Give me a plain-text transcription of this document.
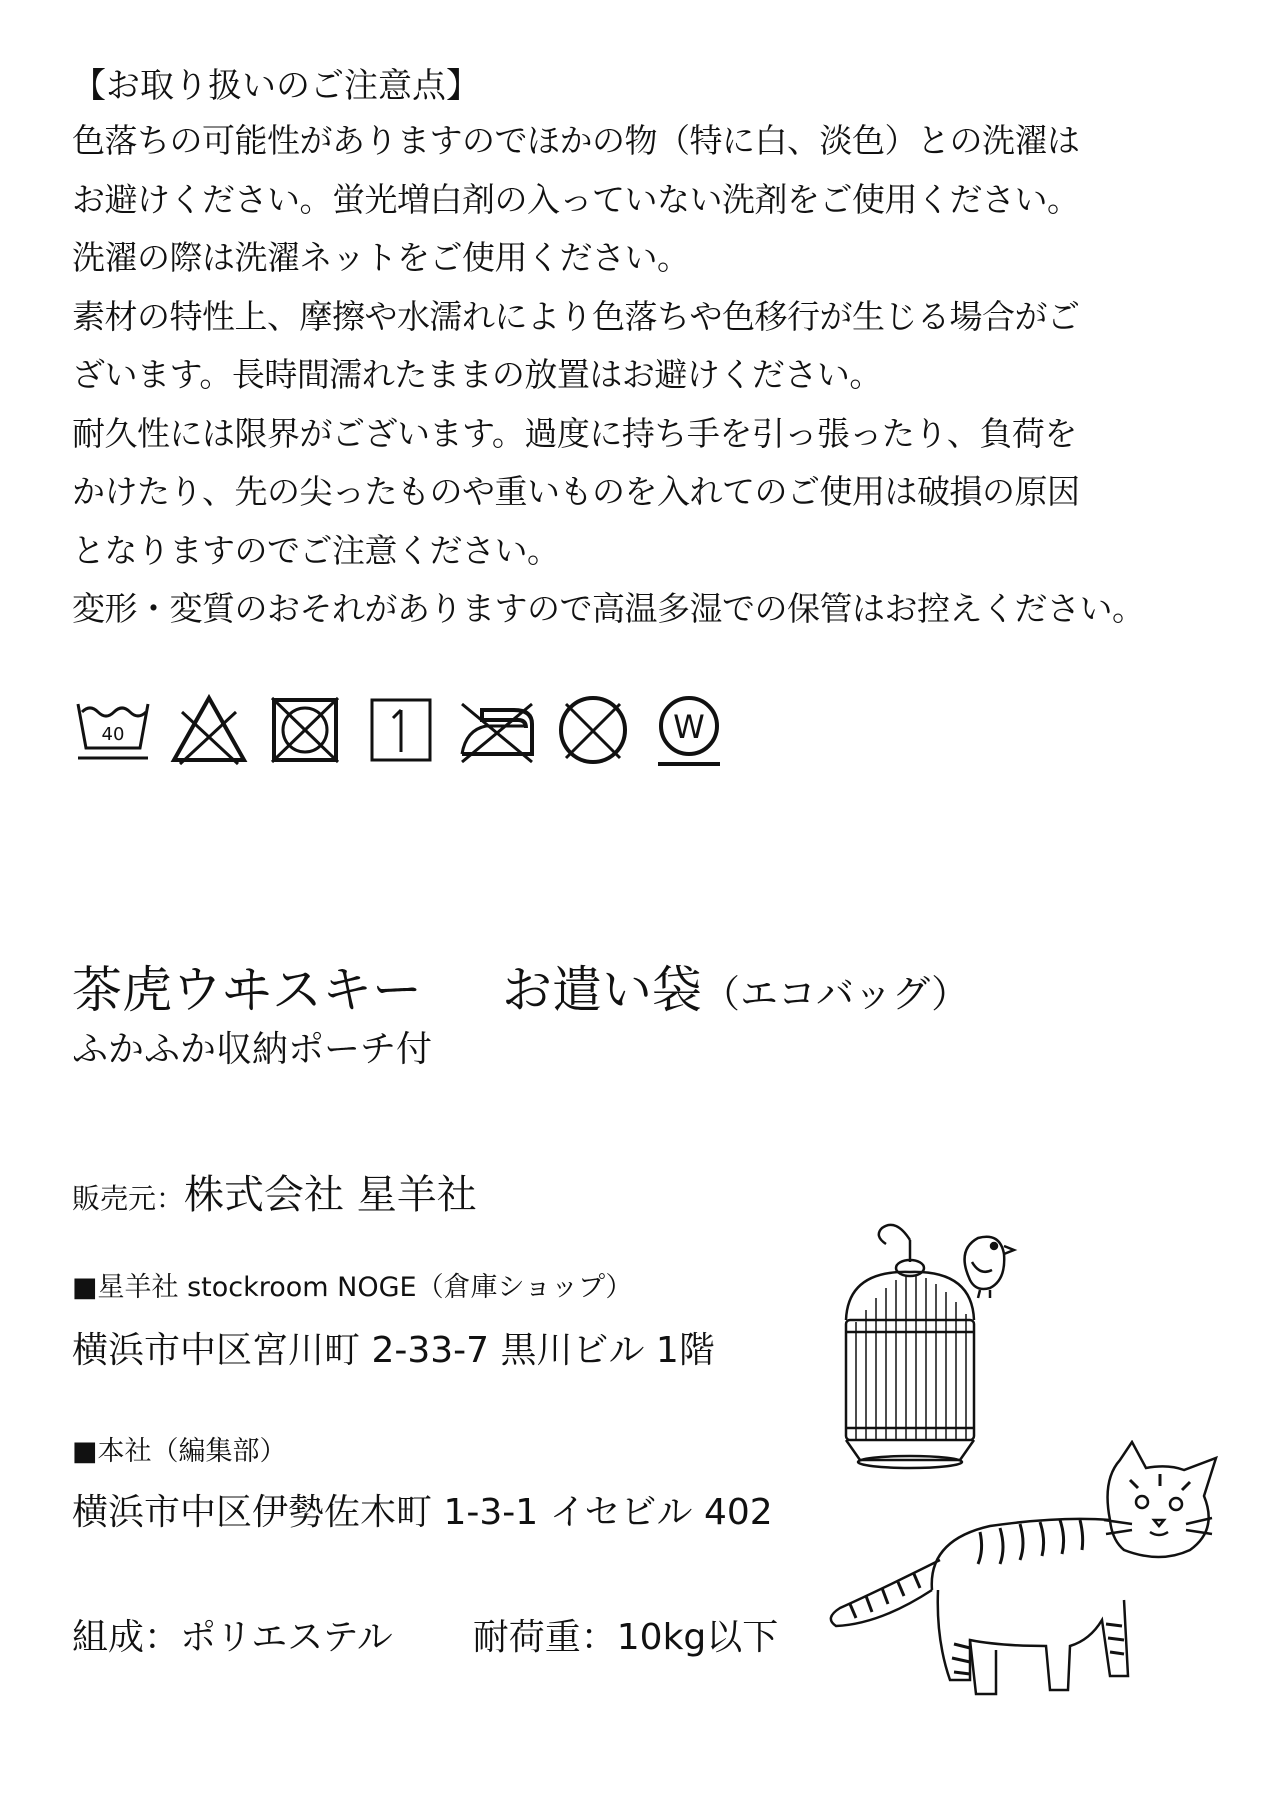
【お取り扱いのご注意点】

色落ちの可能性がありますのでほかの物（特に白、淡色）との洗濯は

お避けください。蛍光増白剤の入っていない洗剤をご使用ください。

洗濯の際は洗濯ネットをご使用ください。

素材の特性上、摩擦や水濡れにより色落ちや色移行が生じる場合がご

ざいます。長時間濡れたままの放置はお避けください。

耐久性には限界がございます。過度に持ち手を引っ張ったり、負荷を

かけたり、先の尖ったものや重いものを入れてのご使用は破損の原因

となりますのでご注意ください。

変形・変質のおそれがありますので高温多湿での保管はお控えください。

40	W

茶虎ウヰスキー お遣い袋（エコバッグ）

ふかふか収納ポーチ付

販売元：株式会社 星羊社

■星羊社 stockroom NOGE（倉庫ショップ）

横浜市中区宮川町 2-33-7 黒川ビル 1階

■本社（編集部）

横浜市中区伊勢佐木町 1-3-1 イセビル 402

組成：ポリエステル 耐荷重：10kg以下
